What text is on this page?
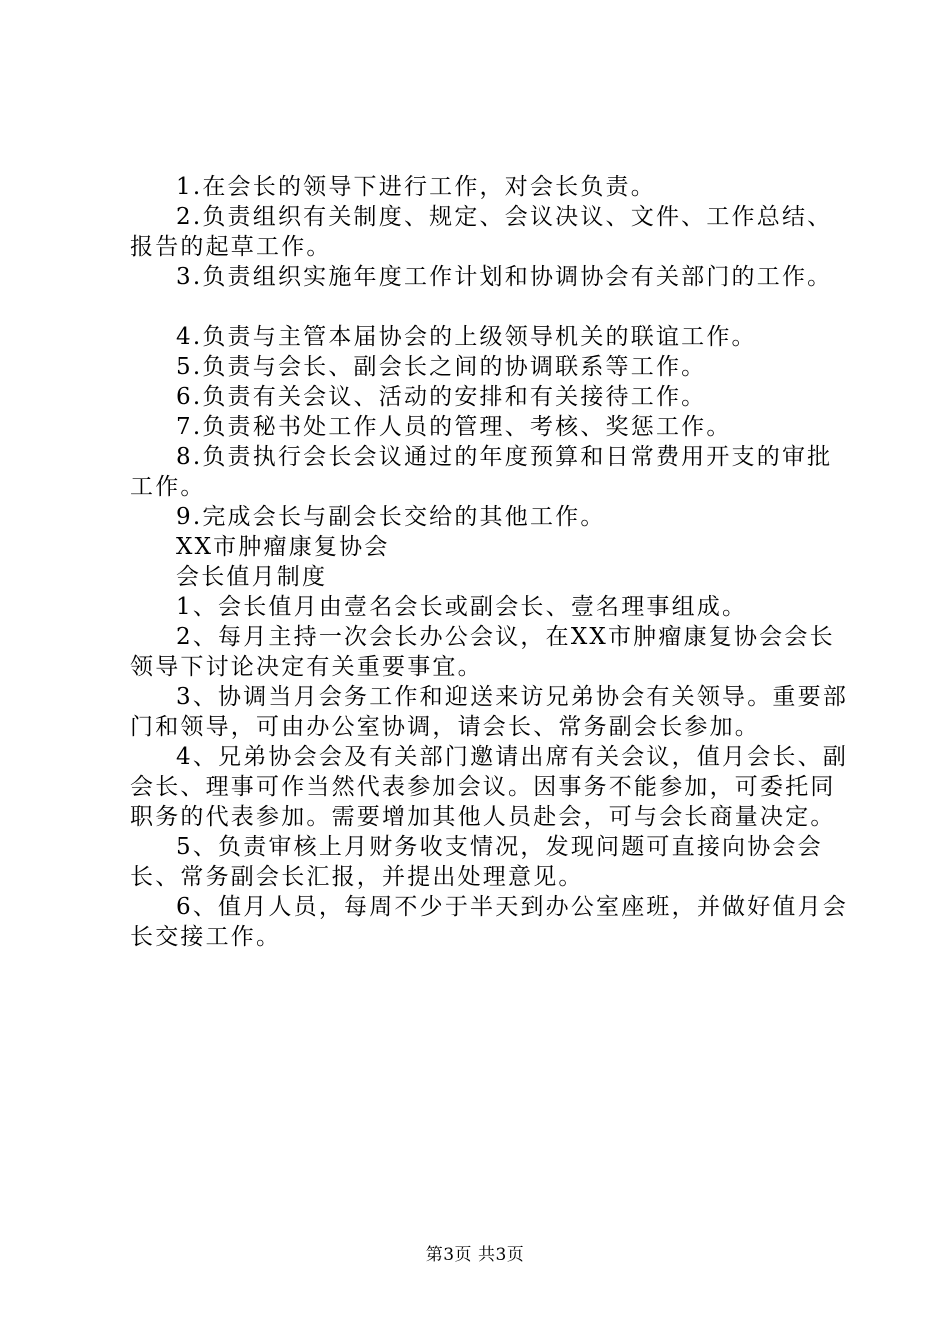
1.在会长的领导下进行工作，对会长负责。

2.负责组织有关制度、规定、会议决议、文件、工作总结、报告的起草工作。

3.负责组织实施年度工作计划和协调协会有关部门的工作。

4.负责与主管本届协会的上级领导机关的联谊工作。

5.负责与会长、副会长之间的协调联系等工作。

6.负责有关会议、活动的安排和有关接待工作。

7.负责秘书处工作人员的管理、考核、奖惩工作。

8.负责执行会长会议通过的年度预算和日常费用开支的审批工作。

9.完成会长与副会长交给的其他工作。

XX市肿瘤康复协会

会长值月制度

1、会长值月由壹名会长或副会长、壹名理事组成。

2、每月主持一次会长办公会议，在XX市肿瘤康复协会会长领导下讨论决定有关重要事宜。

3、协调当月会务工作和迎送来访兄弟协会有关领导。重要部门和领导，可由办公室协调，请会长、常务副会长参加。

4、兄弟协会会及有关部门邀请出席有关会议，值月会长、副会长、理事可作当然代表参加会议。因事务不能参加，可委托同职务的代表参加。需要增加其他人员赴会，可与会长商量决定。

5、负责审核上月财务收支情况，发现问题可直接向协会会长、常务副会长汇报，并提出处理意见。

6、值月人员，每周不少于半天到办公室座班，并做好值月会长交接工作。

第3页 共3页
